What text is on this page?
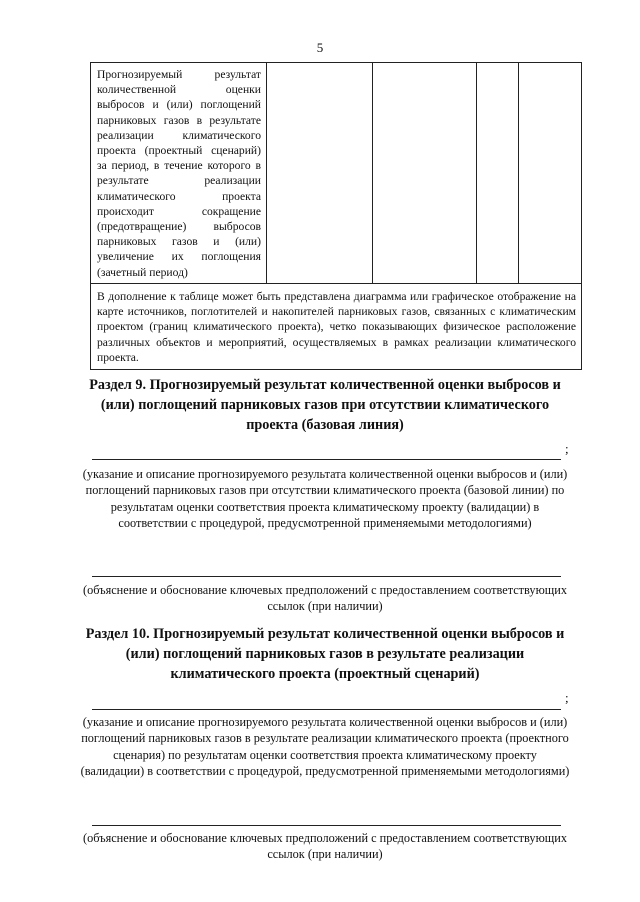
5
Прогнозируемый результат количественной оценки выбросов и (или) поглощений парниковых газов в результате реализации климатического проекта (проектный сценарий) за период, в течение которого в результате реализации климатического проекта происходит сокращение (предотвращение) выбросов парниковых газов и (или) увеличение их поглощения (зачетный период)				
В дополнение к таблице может быть представлена диаграмма или графическое отображение на карте источников, поглотителей и накопителей парниковых газов, связанных с климатическим проектом (границ климатического проекта), четко показывающих физическое расположение различных объектов и мероприятий, осуществляемых в рамках реализации климатического проекта.
Раздел 9. Прогнозируемый результат количественной оценки выбросов и (или) поглощений парниковых газов при отсутствии климатического проекта (базовая линия)
;
(указание и описание прогнозируемого результата количественной оценки выбросов и (или) поглощений парниковых газов при отсутствии климатического проекта (базовой линии) по результатам оценки соответствия проекта климатическому проекту (валидации) в соответствии с процедурой, предусмотренной применяемыми методологиями)
(объяснение и обоснование ключевых предположений с предоставлением соответствующих ссылок (при наличии)
Раздел 10. Прогнозируемый результат количественной оценки выбросов и (или) поглощений парниковых газов в результате реализации климатического проекта (проектный сценарий)
;
(указание и описание прогнозируемого результата количественной оценки выбросов и (или) поглощений парниковых газов в результате реализации климатического проекта (проектного сценария) по результатам оценки соответствия проекта климатическому проекту (валидации) в соответствии с процедурой, предусмотренной применяемыми методологиями)
(объяснение и обоснование ключевых предположений с предоставлением соответствующих ссылок (при наличии)
